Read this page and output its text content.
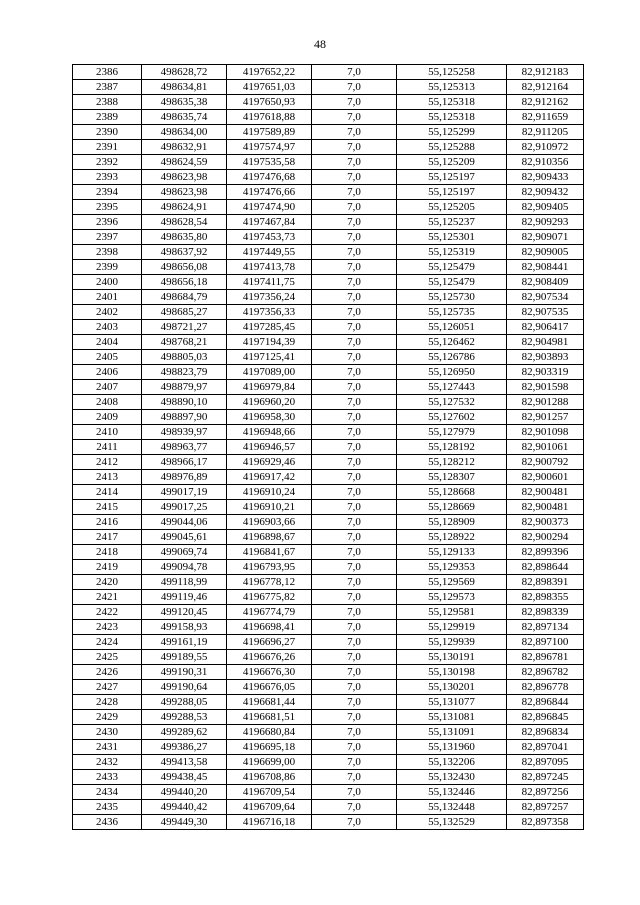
48
2386	498628,72	4197652,22	7,0	55,125258	82,912183
2387	498634,81	4197651,03	7,0	55,125313	82,912164
2388	498635,38	4197650,93	7,0	55,125318	82,912162
2389	498635,74	4197618,88	7,0	55,125318	82,911659
2390	498634,00	4197589,89	7,0	55,125299	82,911205
2391	498632,91	4197574,97	7,0	55,125288	82,910972
2392	498624,59	4197535,58	7,0	55,125209	82,910356
2393	498623,98	4197476,68	7,0	55,125197	82,909433
2394	498623,98	4197476,66	7,0	55,125197	82,909432
2395	498624,91	4197474,90	7,0	55,125205	82,909405
2396	498628,54	4197467,84	7,0	55,125237	82,909293
2397	498635,80	4197453,73	7,0	55,125301	82,909071
2398	498637,92	4197449,55	7,0	55,125319	82,909005
2399	498656,08	4197413,78	7,0	55,125479	82,908441
2400	498656,18	4197411,75	7,0	55,125479	82,908409
2401	498684,79	4197356,24	7,0	55,125730	82,907534
2402	498685,27	4197356,33	7,0	55,125735	82,907535
2403	498721,27	4197285,45	7,0	55,126051	82,906417
2404	498768,21	4197194,39	7,0	55,126462	82,904981
2405	498805,03	4197125,41	7,0	55,126786	82,903893
2406	498823,79	4197089,00	7,0	55,126950	82,903319
2407	498879,97	4196979,84	7,0	55,127443	82,901598
2408	498890,10	4196960,20	7,0	55,127532	82,901288
2409	498897,90	4196958,30	7,0	55,127602	82,901257
2410	498939,97	4196948,66	7,0	55,127979	82,901098
2411	498963,77	4196946,57	7,0	55,128192	82,901061
2412	498966,17	4196929,46	7,0	55,128212	82,900792
2413	498976,89	4196917,42	7,0	55,128307	82,900601
2414	499017,19	4196910,24	7,0	55,128668	82,900481
2415	499017,25	4196910,21	7,0	55,128669	82,900481
2416	499044,06	4196903,66	7,0	55,128909	82,900373
2417	499045,61	4196898,67	7,0	55,128922	82,900294
2418	499069,74	4196841,67	7,0	55,129133	82,899396
2419	499094,78	4196793,95	7,0	55,129353	82,898644
2420	499118,99	4196778,12	7,0	55,129569	82,898391
2421	499119,46	4196775,82	7,0	55,129573	82,898355
2422	499120,45	4196774,79	7,0	55,129581	82,898339
2423	499158,93	4196698,41	7,0	55,129919	82,897134
2424	499161,19	4196696,27	7,0	55,129939	82,897100
2425	499189,55	4196676,26	7,0	55,130191	82,896781
2426	499190,31	4196676,30	7,0	55,130198	82,896782
2427	499190,64	4196676,05	7,0	55,130201	82,896778
2428	499288,05	4196681,44	7,0	55,131077	82,896844
2429	499288,53	4196681,51	7,0	55,131081	82,896845
2430	499289,62	4196680,84	7,0	55,131091	82,896834
2431	499386,27	4196695,18	7,0	55,131960	82,897041
2432	499413,58	4196699,00	7,0	55,132206	82,897095
2433	499438,45	4196708,86	7,0	55,132430	82,897245
2434	499440,20	4196709,54	7,0	55,132446	82,897256
2435	499440,42	4196709,64	7,0	55,132448	82,897257
2436	499449,30	4196716,18	7,0	55,132529	82,897358
